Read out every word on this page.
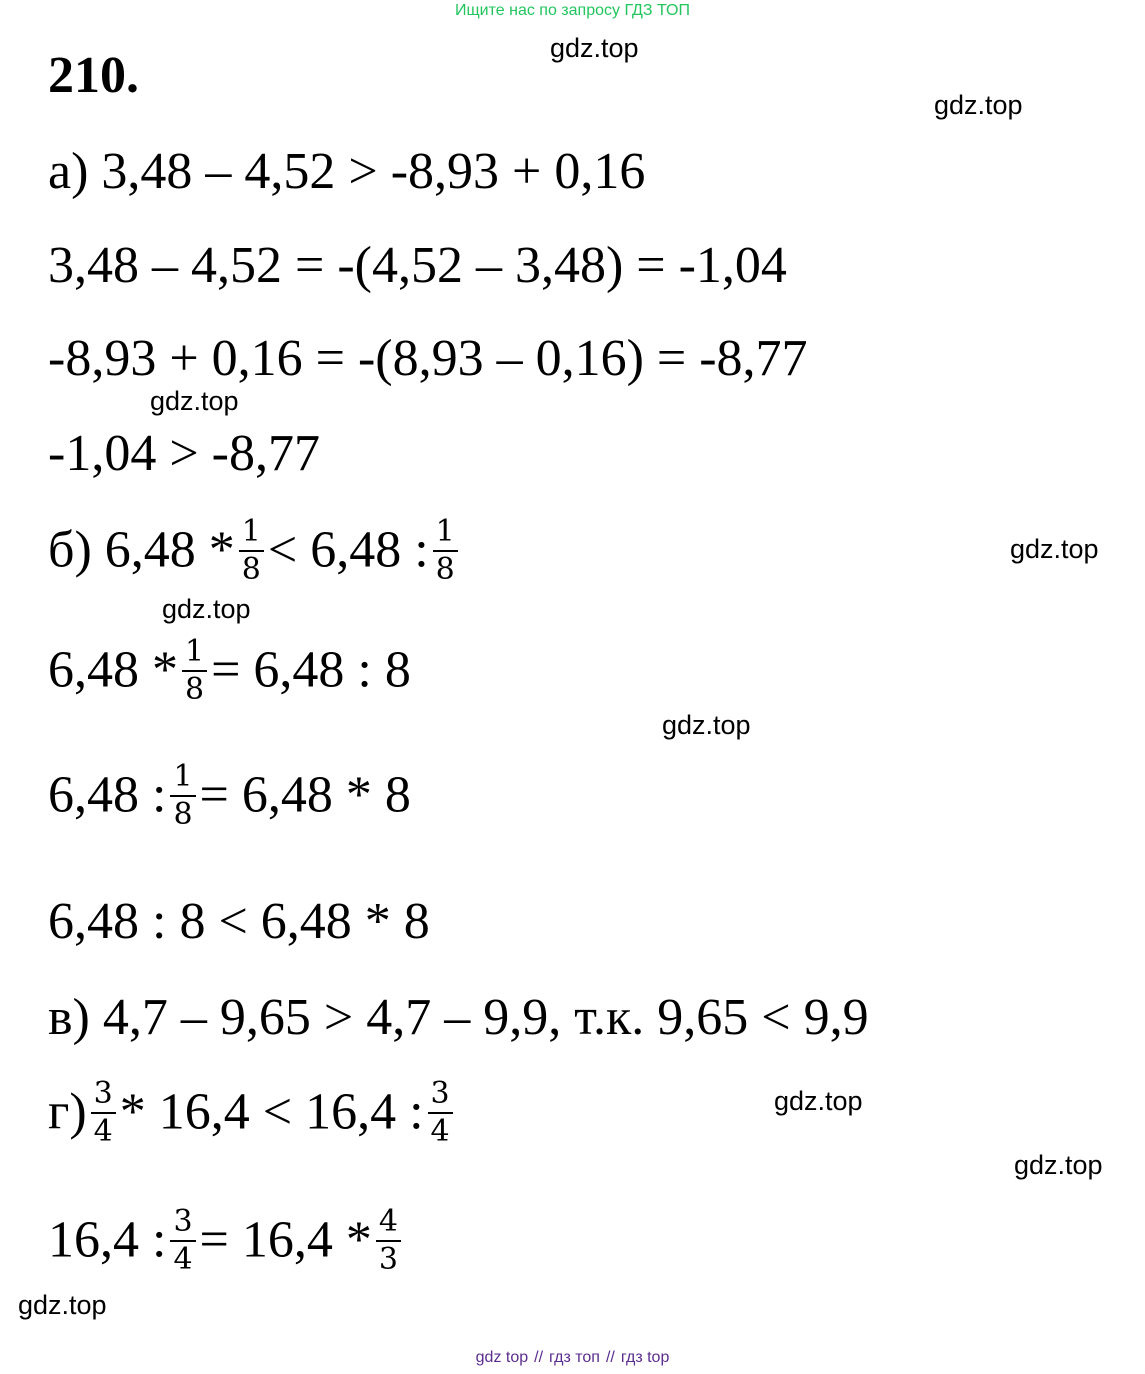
Ищите нас по запросу ГДЗ ТОП
210.	gdz.top
gdz.top
gdz.top
gdz.top
gdz.top
gdz.top
gdz.top
gdz.top
gdz.top
а) 3,48 – 4,52 > -8,93 + 0,16
3,48 – 4,52 = -(4,52 – 3,48) = -1,04
-8,93 + 0,16 = -(8,93 – 0,16) = -8,77
-1,04 > -8,77
б) $6,48 * \frac{1}{8} < 6,48$ : $\frac{1}{8}$
$6,48 * \frac{1}{8} = 6,48$ : 8
6,48 : $\frac{1}{8} = 6,48 * 8$
6,48 : 8 < 6,48 * 8
в) 4,7 – 9,65 > 4,7 – 9,9, т.к. 9,65 < 9,9
$г) \frac{3}{4} * 16,4 < 16,4$ : $\frac{3}{4}$
16,4 : $\frac{3}{4} = 16,4 * \frac{4}{3}$
gdz top // гдз топ // гдз top
